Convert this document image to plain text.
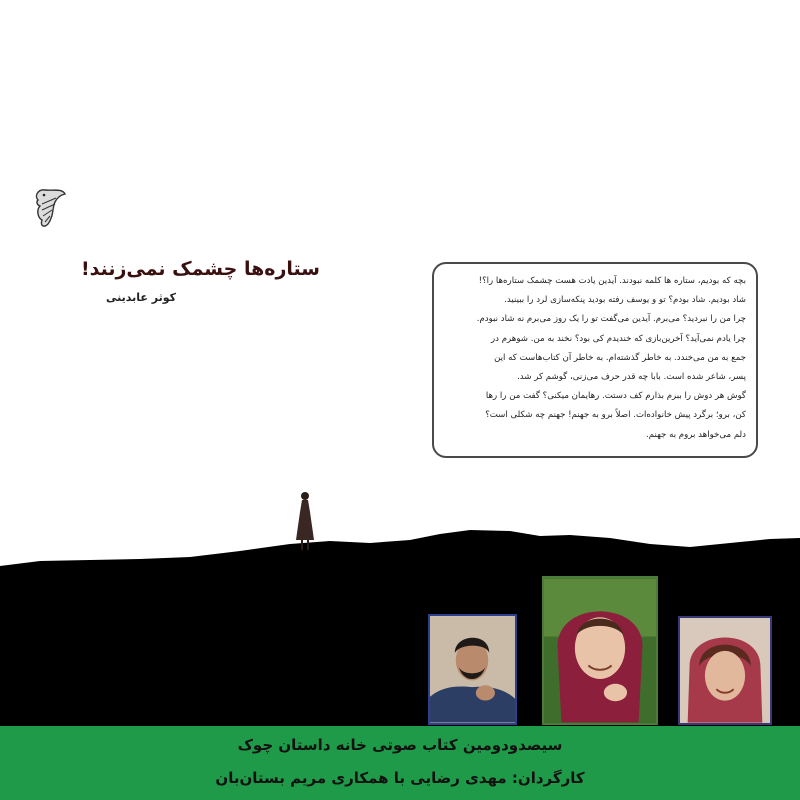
ستاره‌ها چشمک نمی‌زنند!
کوثر عابدینی
بچه که بودیم، ستاره ها کلمه نبودند. آیدین یادت هست چشمک ستاره‌ها را؟!
شاد بودیم. شاد بودم؟ تو و یوسف رفته بودید پنکه‌سازی لرد را ببینید.
چرا من را نبردید؟ می‌برم. آیدین می‌گفت تو را یک روز می‌برم نه شاد نبودم.
چرا یادم نمی‌آید؟ آخرین‌بازی که خندیدم کی بود؟ نخند به من. شوهرم در
جمع به من می‌خندد. به خاطر گذشته‌ام. به خاطر آن کتاب‌هاست که این
پسر، شاعر شده است. بابا چه قدر حرف می‌زنی، گوشم کر شد.
گوش هر دوش را ببرم بذارم کف دستت. رهایمان میکنی؟ گفت من را رها
کن، برو؛ برگرد پیش خانواده‌ات. اصلاً برو به جهنم! جهنم چه شکلی است؟
دلم می‌خواهد بروم به جهنم.
سیصدودومین کتاب صوتی خانه داستان چوک
کارگردان: مهدی رضایی با همکاری مریم بستان‌بان
